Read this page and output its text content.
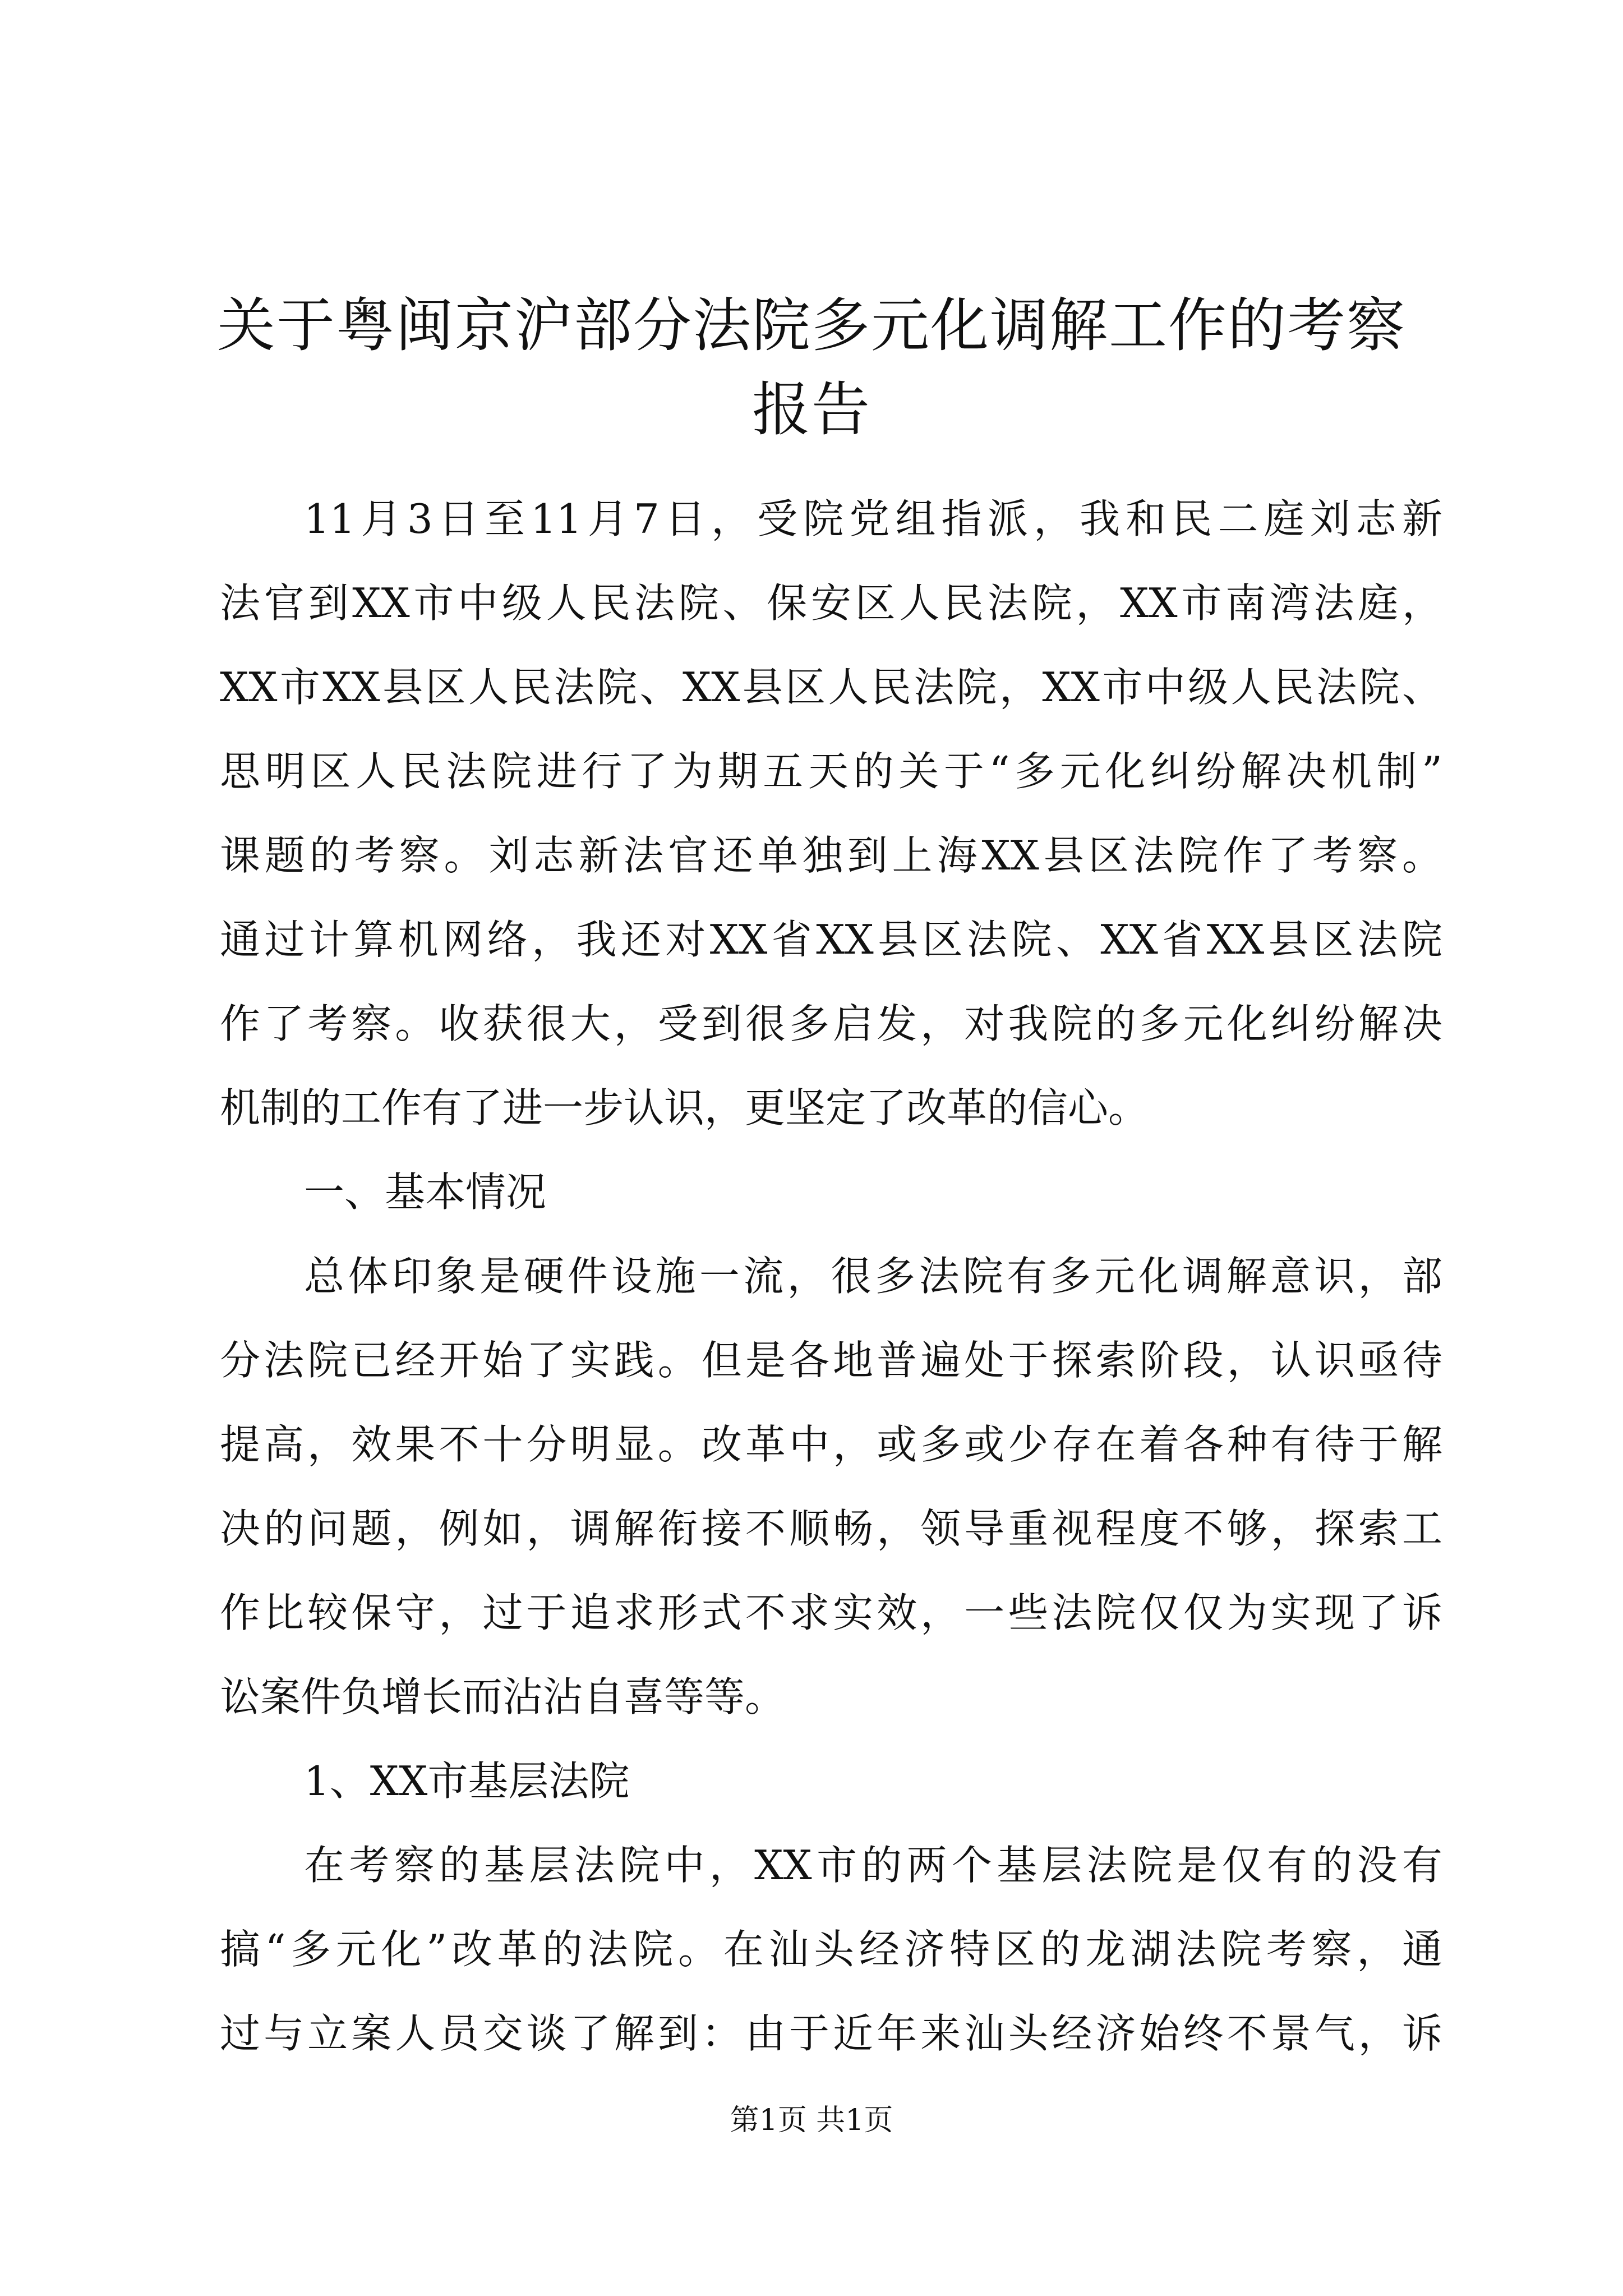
关于粤闽京沪部分法院多元化调解工作的考察
报告
11月3日至11月7日，受院党组指派，我和民二庭刘志新
法官到XX市中级人民法院、保安区人民法院，XX市南湾法庭，
XX市XX县区人民法院、XX县区人民法院，XX市中级人民法院、
思明区人民法院进行了为期五天的关于“多元化纠纷解决机制”
课题的考察。刘志新法官还单独到上海XX县区法院作了考察。
通过计算机网络，我还对XX省XX县区法院、XX省XX县区法院
作了考察。收获很大，受到很多启发，对我院的多元化纠纷解决
机制的工作有了进一步认识，更坚定了改革的信心。
一、基本情况
总体印象是硬件设施一流，很多法院有多元化调解意识，部
分法院已经开始了实践。但是各地普遍处于探索阶段，认识亟待
提高，效果不十分明显。改革中，或多或少存在着各种有待于解
决的问题，例如，调解衔接不顺畅，领导重视程度不够，探索工
作比较保守，过于追求形式不求实效，一些法院仅仅为实现了诉
讼案件负增长而沾沾自喜等等。
1、XX市基层法院
在考察的基层法院中，XX市的两个基层法院是仅有的没有
搞“多元化”改革的法院。在汕头经济特区的龙湖法院考察，通
过与立案人员交谈了解到：由于近年来汕头经济始终不景气，诉
第1页 共1页
